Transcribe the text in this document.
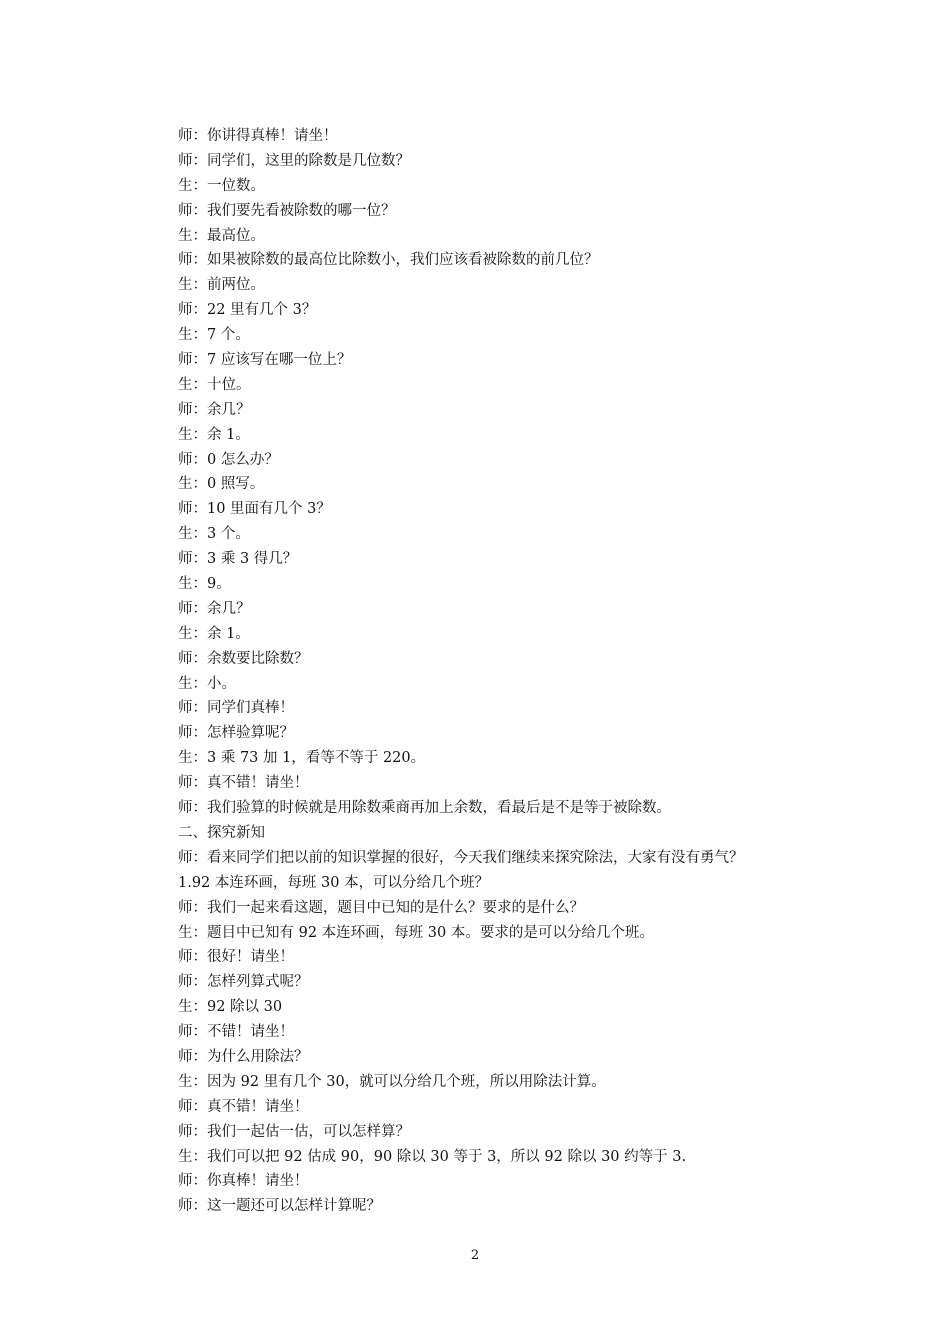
师：你讲得真棒！请坐！
师：同学们，这里的除数是几位数？
生：一位数。
师：我们要先看被除数的哪一位？
生：最高位。
师：如果被除数的最高位比除数小，我们应该看被除数的前几位？
生：前两位。
师：22 里有几个 3？
生：7 个。
师：7 应该写在哪一位上？
生：十位。
师：余几？
生：余 1。
师：0 怎么办？
生：0 照写。
师：10 里面有几个 3？
生：3 个。
师：3 乘 3 得几？
生：9。
师：余几？
生：余 1。
师：余数要比除数？
生：小。
师：同学们真棒！
师：怎样验算呢？
生：3 乘 73 加 1，看等不等于 220。
师：真不错！请坐！
师：我们验算的时候就是用除数乘商再加上余数，看最后是不是等于被除数。
二、探究新知
师：看来同学们把以前的知识掌握的很好，今天我们继续来探究除法，大家有没有勇气？
1.92 本连环画，每班 30 本，可以分给几个班？
师：我们一起来看这题，题目中已知的是什么？要求的是什么？
生：题目中已知有 92 本连环画，每班 30 本。要求的是可以分给几个班。
师：很好！请坐！
师：怎样列算式呢？
生：92 除以 30
师：不错！请坐！
师：为什么用除法？
生：因为 92 里有几个 30，就可以分给几个班，所以用除法计算。
师：真不错！请坐！
师：我们一起估一估，可以怎样算？
生：我们可以把 92 估成 90，90 除以 30 等于 3，所以 92 除以 30 约等于 3.
师：你真棒！请坐！
师：这一题还可以怎样计算呢？
2
